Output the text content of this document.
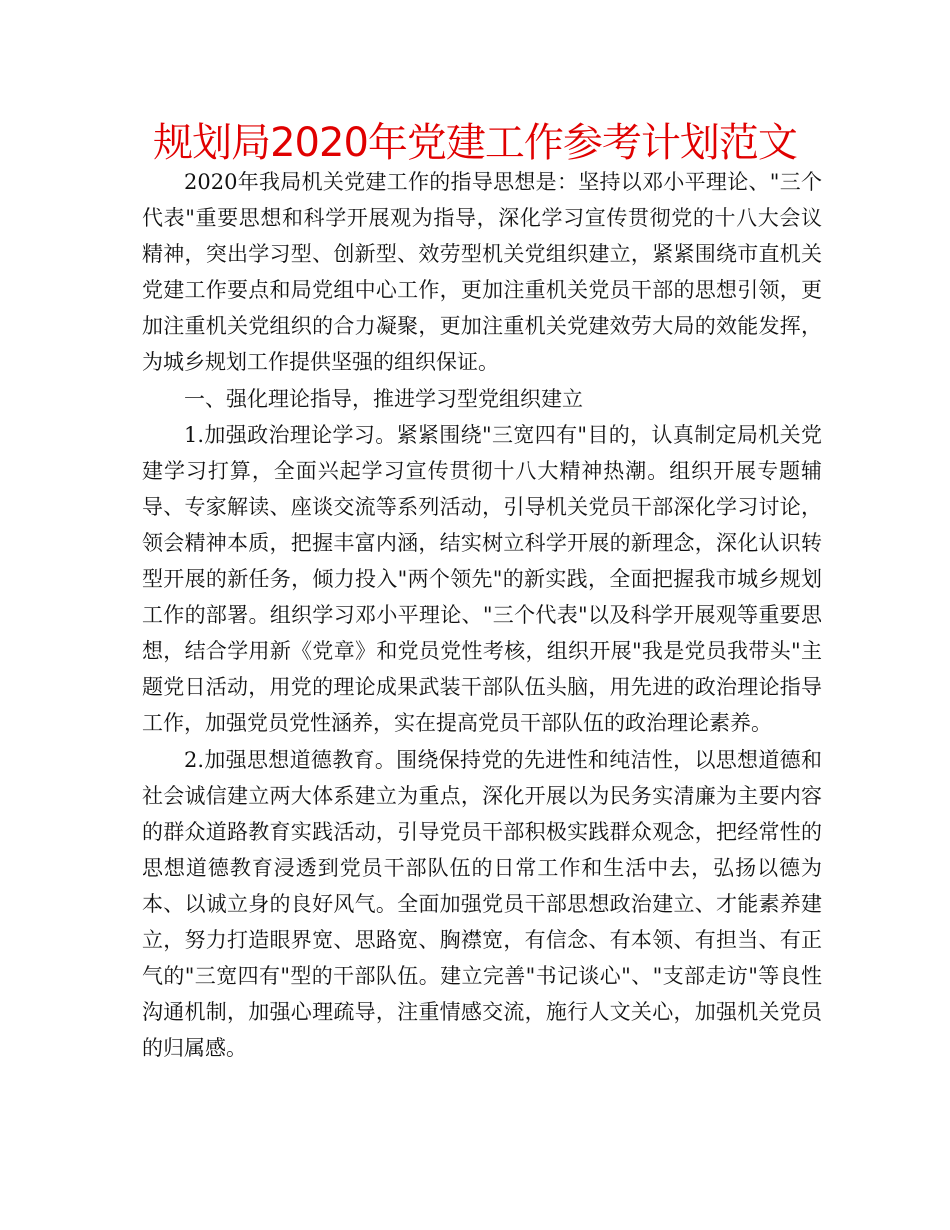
规划局2020年党建工作参考计划范文

2020年我局机关党建工作的指导思想是：坚持以邓小平理论、"三个代表"重要思想和科学开展观为指导，深化学习宣传贯彻党的十八大会议精神，突出学习型、创新型、效劳型机关党组织建立，紧紧围绕市直机关党建工作要点和局党组中心工作，更加注重机关党员干部的思想引领，更加注重机关党组织的合力凝聚，更加注重机关党建效劳大局的效能发挥，为城乡规划工作提供坚强的组织保证。

一、强化理论指导，推进学习型党组织建立

1.加强政治理论学习。紧紧围绕"三宽四有"目的，认真制定局机关党建学习打算，全面兴起学习宣传贯彻十八大精神热潮。组织开展专题辅导、专家解读、座谈交流等系列活动，引导机关党员干部深化学习讨论，领会精神本质，把握丰富内涵，结实树立科学开展的新理念，深化认识转型开展的新任务，倾力投入"两个领先"的新实践，全面把握我市城乡规划工作的部署。组织学习邓小平理论、"三个代表"以及科学开展观等重要思想，结合学用新《党章》和党员党性考核，组织开展"我是党员我带头"主题党日活动，用党的理论成果武装干部队伍头脑，用先进的政治理论指导工作，加强党员党性涵养，实在提高党员干部队伍的政治理论素养。

2.加强思想道德教育。围绕保持党的先进性和纯洁性，以思想道德和社会诚信建立两大体系建立为重点，深化开展以为民务实清廉为主要内容的群众道路教育实践活动，引导党员干部积极实践群众观念，把经常性的思想道德教育浸透到党员干部队伍的日常工作和生活中去，弘扬以德为本、以诚立身的良好风气。全面加强党员干部思想政治建立、才能素养建立，努力打造眼界宽、思路宽、胸襟宽，有信念、有本领、有担当、有正气的"三宽四有"型的干部队伍。建立完善"书记谈心"、"支部走访"等良性沟通机制，加强心理疏导，注重情感交流，施行人文关心，加强机关党员的归属感。
